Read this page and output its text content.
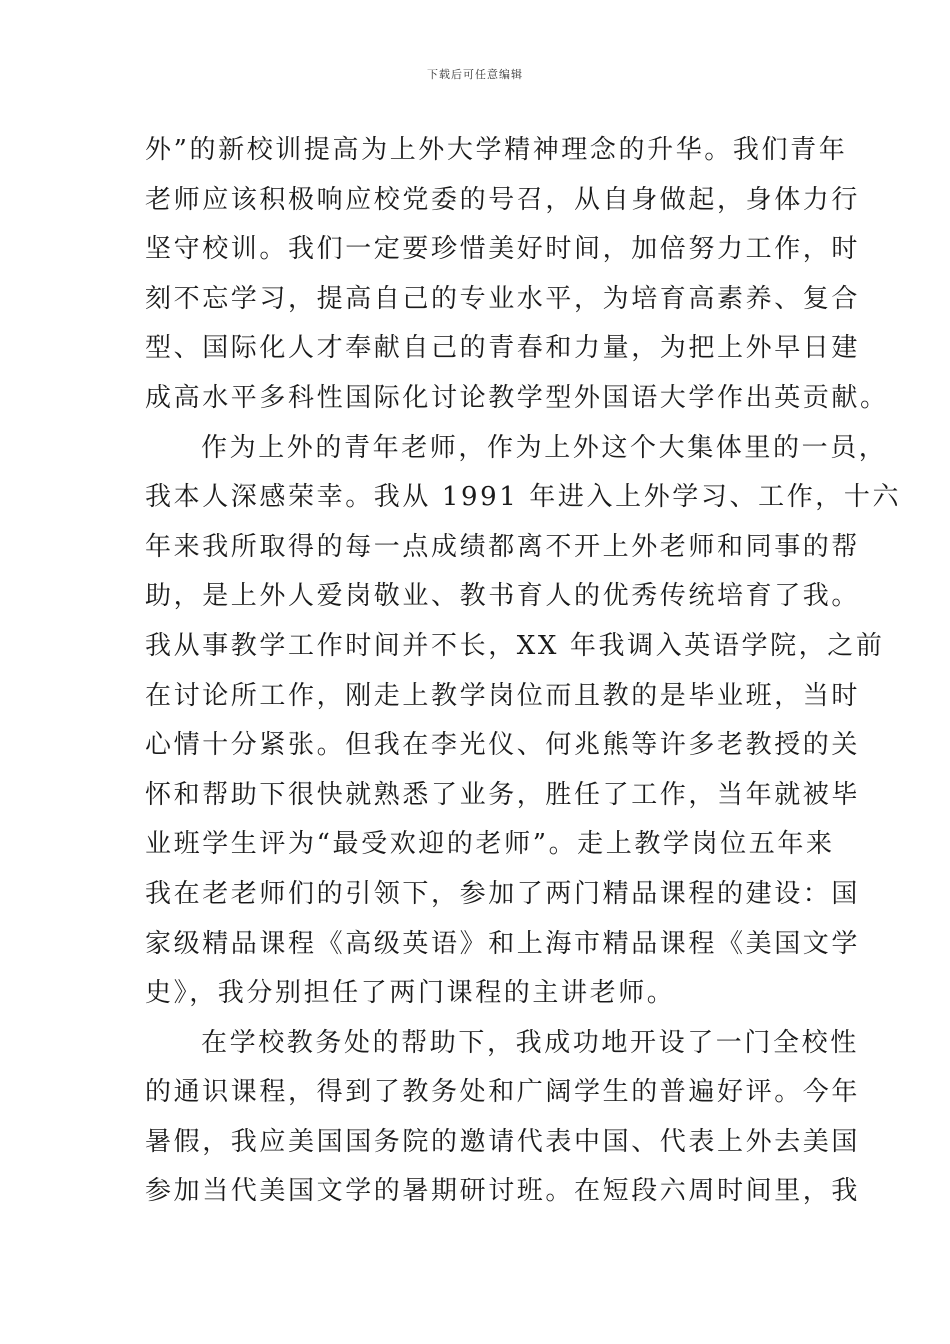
下载后可任意编辑
外”的新校训提高为上外大学精神理念的升华。我们青年
老师应该积极响应校党委的号召，从自身做起，身体力行
坚守校训。我们一定要珍惜美好时间，加倍努力工作，时
刻不忘学习，提高自己的专业水平，为培育高素养、复合
型、国际化人才奉献自己的青春和力量，为把上外早日建
成高水平多科性国际化讨论教学型外国语大学作出英贡献。
作为上外的青年老师，作为上外这个大集体里的一员，
我本人深感荣幸。我从 1991 年进入上外学习、工作，十六
年来我所取得的每一点成绩都离不开上外老师和同事的帮
助，是上外人爱岗敬业、教书育人的优秀传统培育了我。
我从事教学工作时间并不长，XX 年我调入英语学院，之前
在讨论所工作，刚走上教学岗位而且教的是毕业班，当时
心情十分紧张。但我在李光仪、何兆熊等许多老教授的关
怀和帮助下很快就熟悉了业务，胜任了工作，当年就被毕
业班学生评为“最受欢迎的老师”。走上教学岗位五年来
我在老老师们的引领下，参加了两门精品课程的建设：国
家级精品课程《高级英语》和上海市精品课程《美国文学
史》，我分别担任了两门课程的主讲老师。
在学校教务处的帮助下，我成功地开设了一门全校性
的通识课程，得到了教务处和广阔学生的普遍好评。今年
暑假，我应美国国务院的邀请代表中国、代表上外去美国
参加当代美国文学的暑期研讨班。在短段六周时间里，我
